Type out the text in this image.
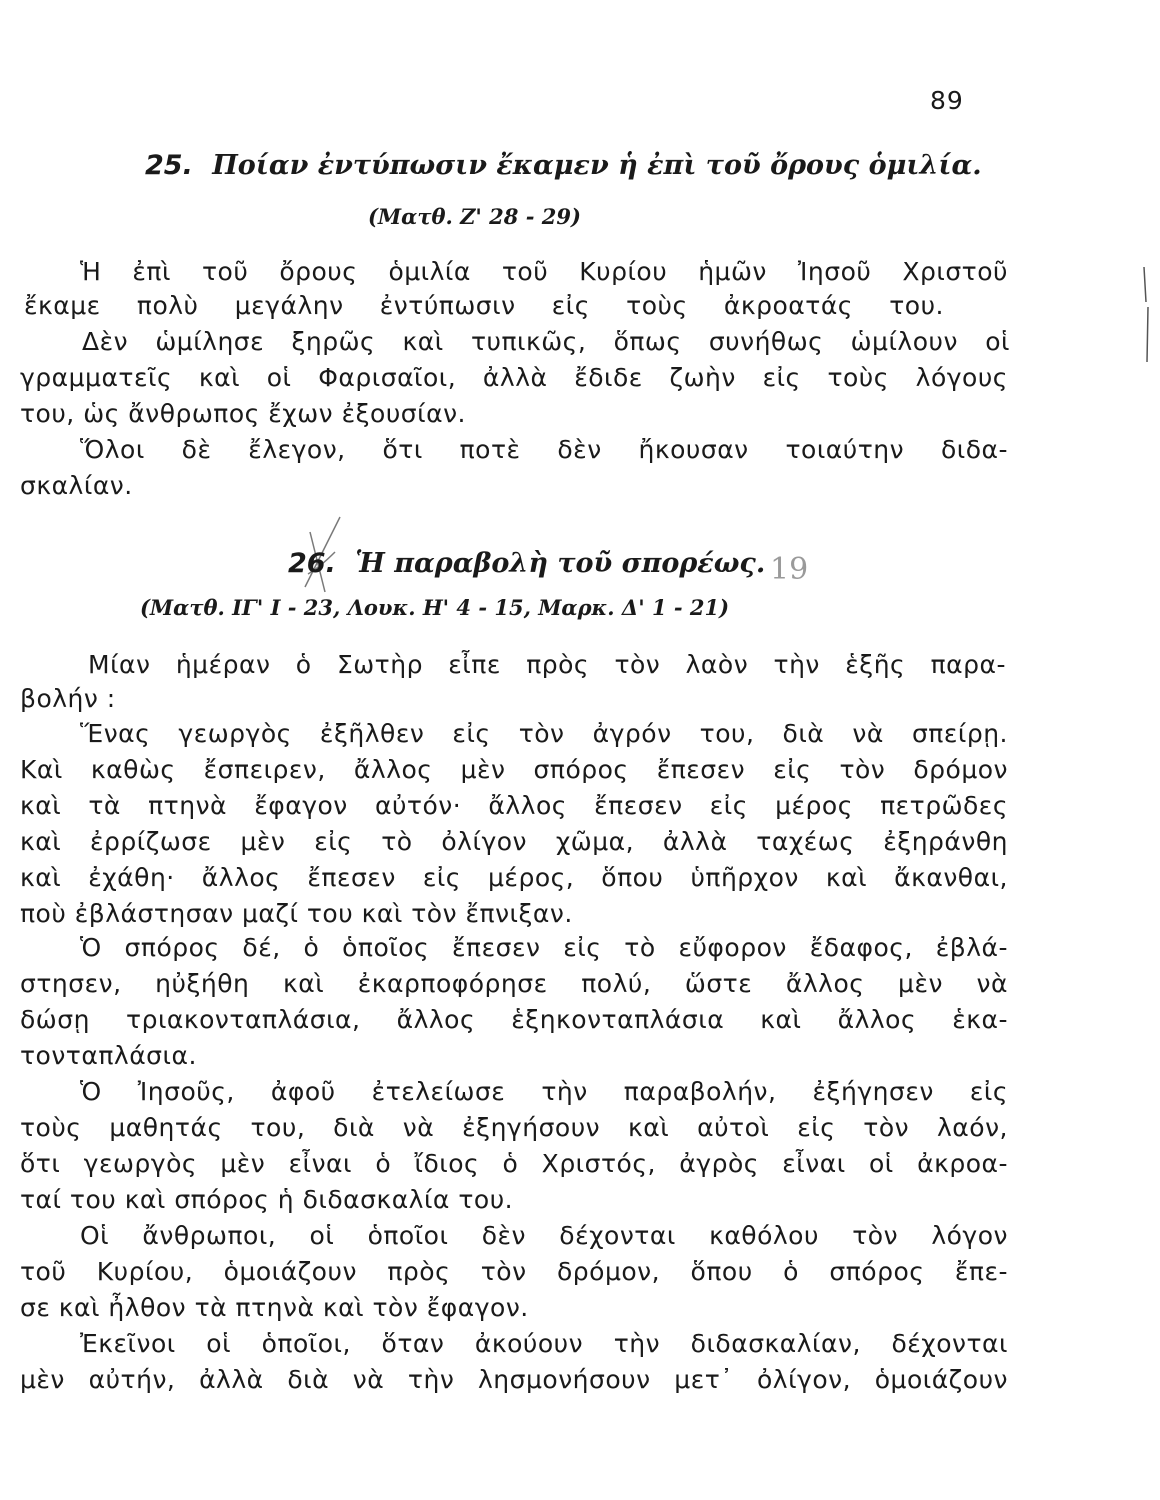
89
25. Ποίαν ἐντύπωσιν ἔκαμεν ἡ ἐπὶ τοῦ ὄρους ὁμιλία.
(Ματθ. Ζ' 28 - 29)
Ἡ ἐπὶ τοῦ ὄρους ὁμιλία τοῦ Κυρίου ἡμῶν Ἰησοῦ Χριστοῦ
ἔκαμε πολὺ μεγάλην ἐντύπωσιν εἰς τοὺς ἀκροατάς του.
Δὲν ὡμίλησε ξηρῶς καὶ τυπικῶς, ὅπως συνήθως ὡμίλουν οἱ
γραμματεῖς καὶ οἱ Φαρισαῖοι, ἀλλὰ ἔδιδε ζωὴν εἰς τοὺς λόγους
του, ὡς ἄνθρωπος ἔχων ἐξουσίαν.
Ὅλοι δὲ ἔλεγον, ὅτι ποτὲ δὲν ἤκουσαν τοιαύτην διδα-
σκαλίαν.
26. Ἡ παραβολὴ τοῦ σπορέως. 19
(Ματθ. ΙΓ' Ι - 23, Λουκ. Η' 4 - 15, Μαρκ. Δ' 1 - 21)
Μίαν ἡμέραν ὁ Σωτὴρ εἶπε πρὸς τὸν λαὸν τὴν ἑξῆς παρα-
βολήν :
Ἕνας γεωργὸς ἐξῆλθεν εἰς τὸν ἀγρόν του, διὰ νὰ σπείρῃ.
Καὶ καθὼς ἔσπειρεν, ἄλλος μὲν σπόρος ἔπεσεν εἰς τὸν δρόμον
καὶ τὰ πτηνὰ ἔφαγον αὐτόν· ἄλλος ἔπεσεν εἰς μέρος πετρῶδες
καὶ ἐρρίζωσε μὲν εἰς τὸ ὀλίγον χῶμα, ἀλλὰ ταχέως ἐξηράνθη
καὶ ἐχάθη· ἄλλος ἔπεσεν εἰς μέρος, ὅπου ὑπῆρχον καὶ ἄκανθαι,
ποὺ ἐβλάστησαν μαζί του καὶ τὸν ἔπνιξαν.
Ὁ σπόρος δέ, ὁ ὁποῖος ἔπεσεν εἰς τὸ εὔφορον ἔδαφος, ἐβλά-
στησεν, ηὐξήθη καὶ ἐκαρποφόρησε πολύ, ὥστε ἄλλος μὲν νὰ
δώσῃ τριακονταπλάσια, ἄλλος ἑξηκονταπλάσια καὶ ἄλλος ἑκα-
τονταπλάσια.
Ὁ Ἰησοῦς, ἀφοῦ ἐτελείωσε τὴν παραβολήν, ἐξήγησεν εἰς
τοὺς μαθητάς του, διὰ νὰ ἐξηγήσουν καὶ αὐτοὶ εἰς τὸν λαόν,
ὅτι γεωργὸς μὲν εἶναι ὁ ἴδιος ὁ Χριστός, ἀγρὸς εἶναι οἱ ἀκροα-
ταί του καὶ σπόρος ἡ διδασκαλία του.
Οἱ ἄνθρωποι, οἱ ὁποῖοι δὲν δέχονται καθόλου τὸν λόγον
τοῦ Κυρίου, ὁμοιάζουν πρὸς τὸν δρόμον, ὅπου ὁ σπόρος ἔπε-
σε καὶ ἦλθον τὰ πτηνὰ καὶ τὸν ἔφαγον.
Ἐκεῖνοι οἱ ὁποῖοι, ὅταν ἀκούουν τὴν διδασκαλίαν, δέχονται
μὲν αὐτήν, ἀλλὰ διὰ νὰ τὴν λησμονήσουν μετ᾿ ὀλίγον, ὁμοιάζουν
